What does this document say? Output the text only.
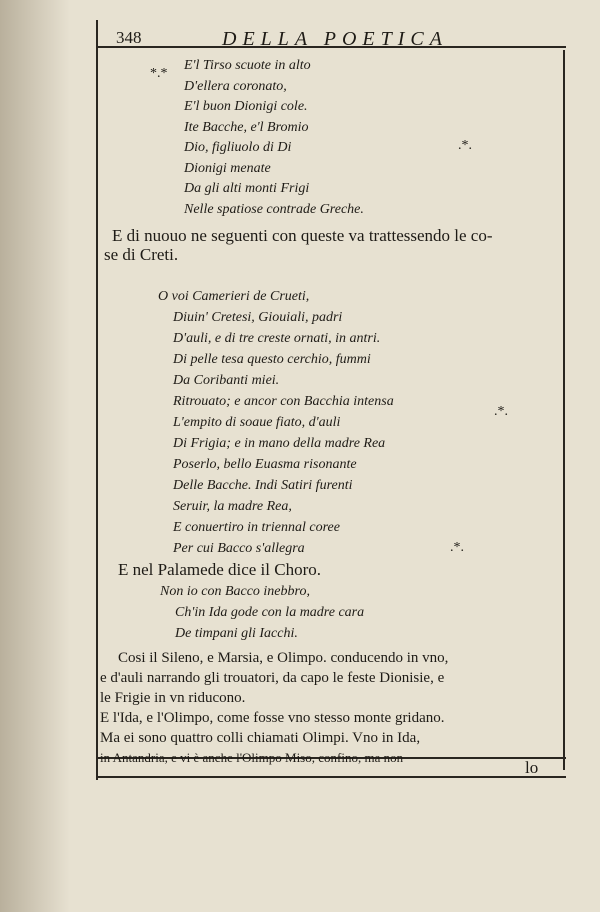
348	DELLA POETICA
E'l Tirso scuote in alto
D'ellera coronato,
E'l buon Dionigi cole.
Ite Bacche, e'l Bromio
Dio, figliuolo di Di
Dionigi menate
Da gli alti monti Frigi
Nelle spatiose contrade Greche.
E di nuouo ne seguenti con queste va trattessendo le co-
se di Creti.
O voi Camerieri de Crueti,
Diuin' Cretesi, Giouiali, padri
D'auli, e di tre creste ornati, in antri.
Di pelle tesa questo cerchio, fummi
Da Coribanti miei.
Ritrouato; e ancor con Bacchia intensa
L'empito di soaue fiato, d'auli
Di Frigia; e in mano della madre Rea
Poserlo, bello Euasma risonante
Delle Bacche. Indi Satiri furenti
Seruir, la madre Rea,
E conuertiro in triennal coree
Per cui Bacco s'allegra
E nel Palamede dice il Choro.
Non io con Bacco inebbro,
Ch'in Ida gode con la madre cara
De timpani gli Iacchi.
Cosi il Sileno, e Marsia, e Olimpo. conducendo in vno,
e d'auli narrando gli trouatori, da capo le feste Dionisie, e
le Frigie in vn riducono.
E l'Ida, e l'Olimpo, come fosse vno stesso monte gridano.
Ma ei sono quattro colli chiamati Olimpi. Vno in Ida,
in Antandria, e vi è anche l'Olimpo Miso, confino, ma non
.*.
.*.
.*.
*.*
lo
